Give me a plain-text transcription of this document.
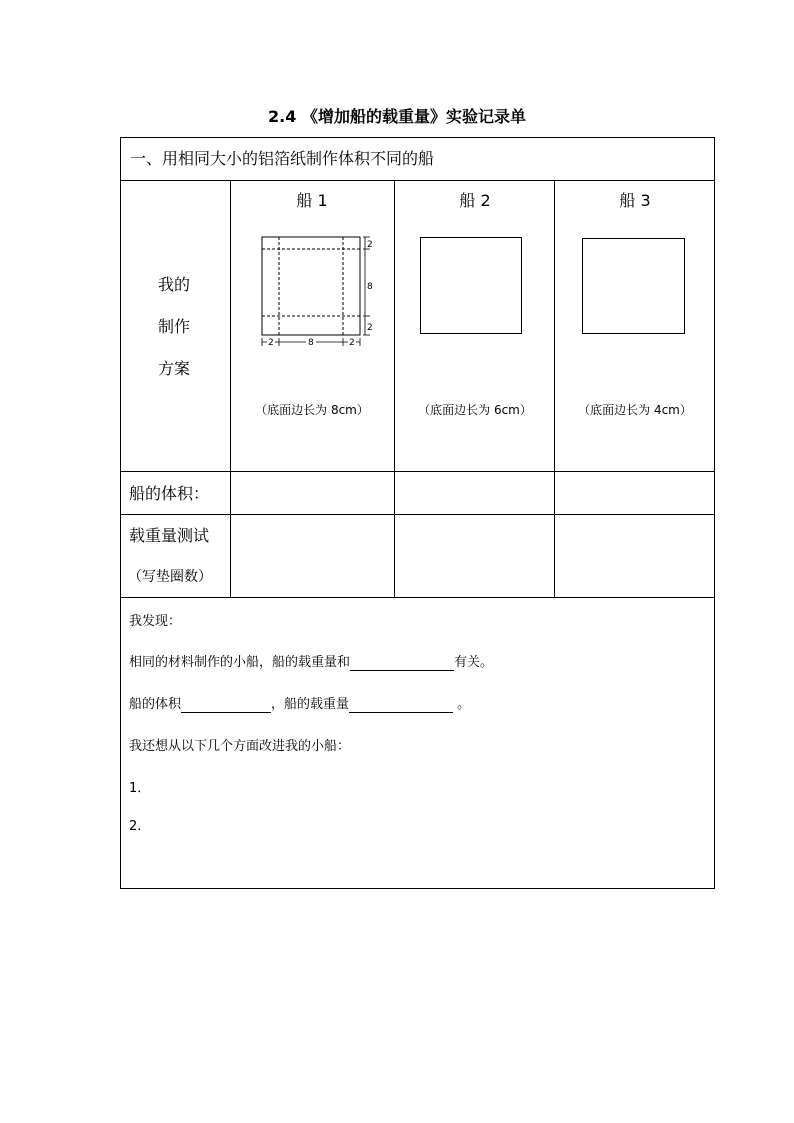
2.4 《增加船的载重量》实验记录单
一、用相同大小的铝箔纸制作体积不同的船
我的
制作
方案
船 1	船 2	船 3
2
8
2
2	8	2
（底面边长为 8cm）	（底面边长为 6cm）	（底面边长为 4cm）
船的体积：
载重量测试
（写垫圈数）
我发现：
相同的材料制作的小船，船的载重量和	有关。
船的体积	，船的载重量	。
我还想从以下几个方面改进我的小船：
1．
2.
